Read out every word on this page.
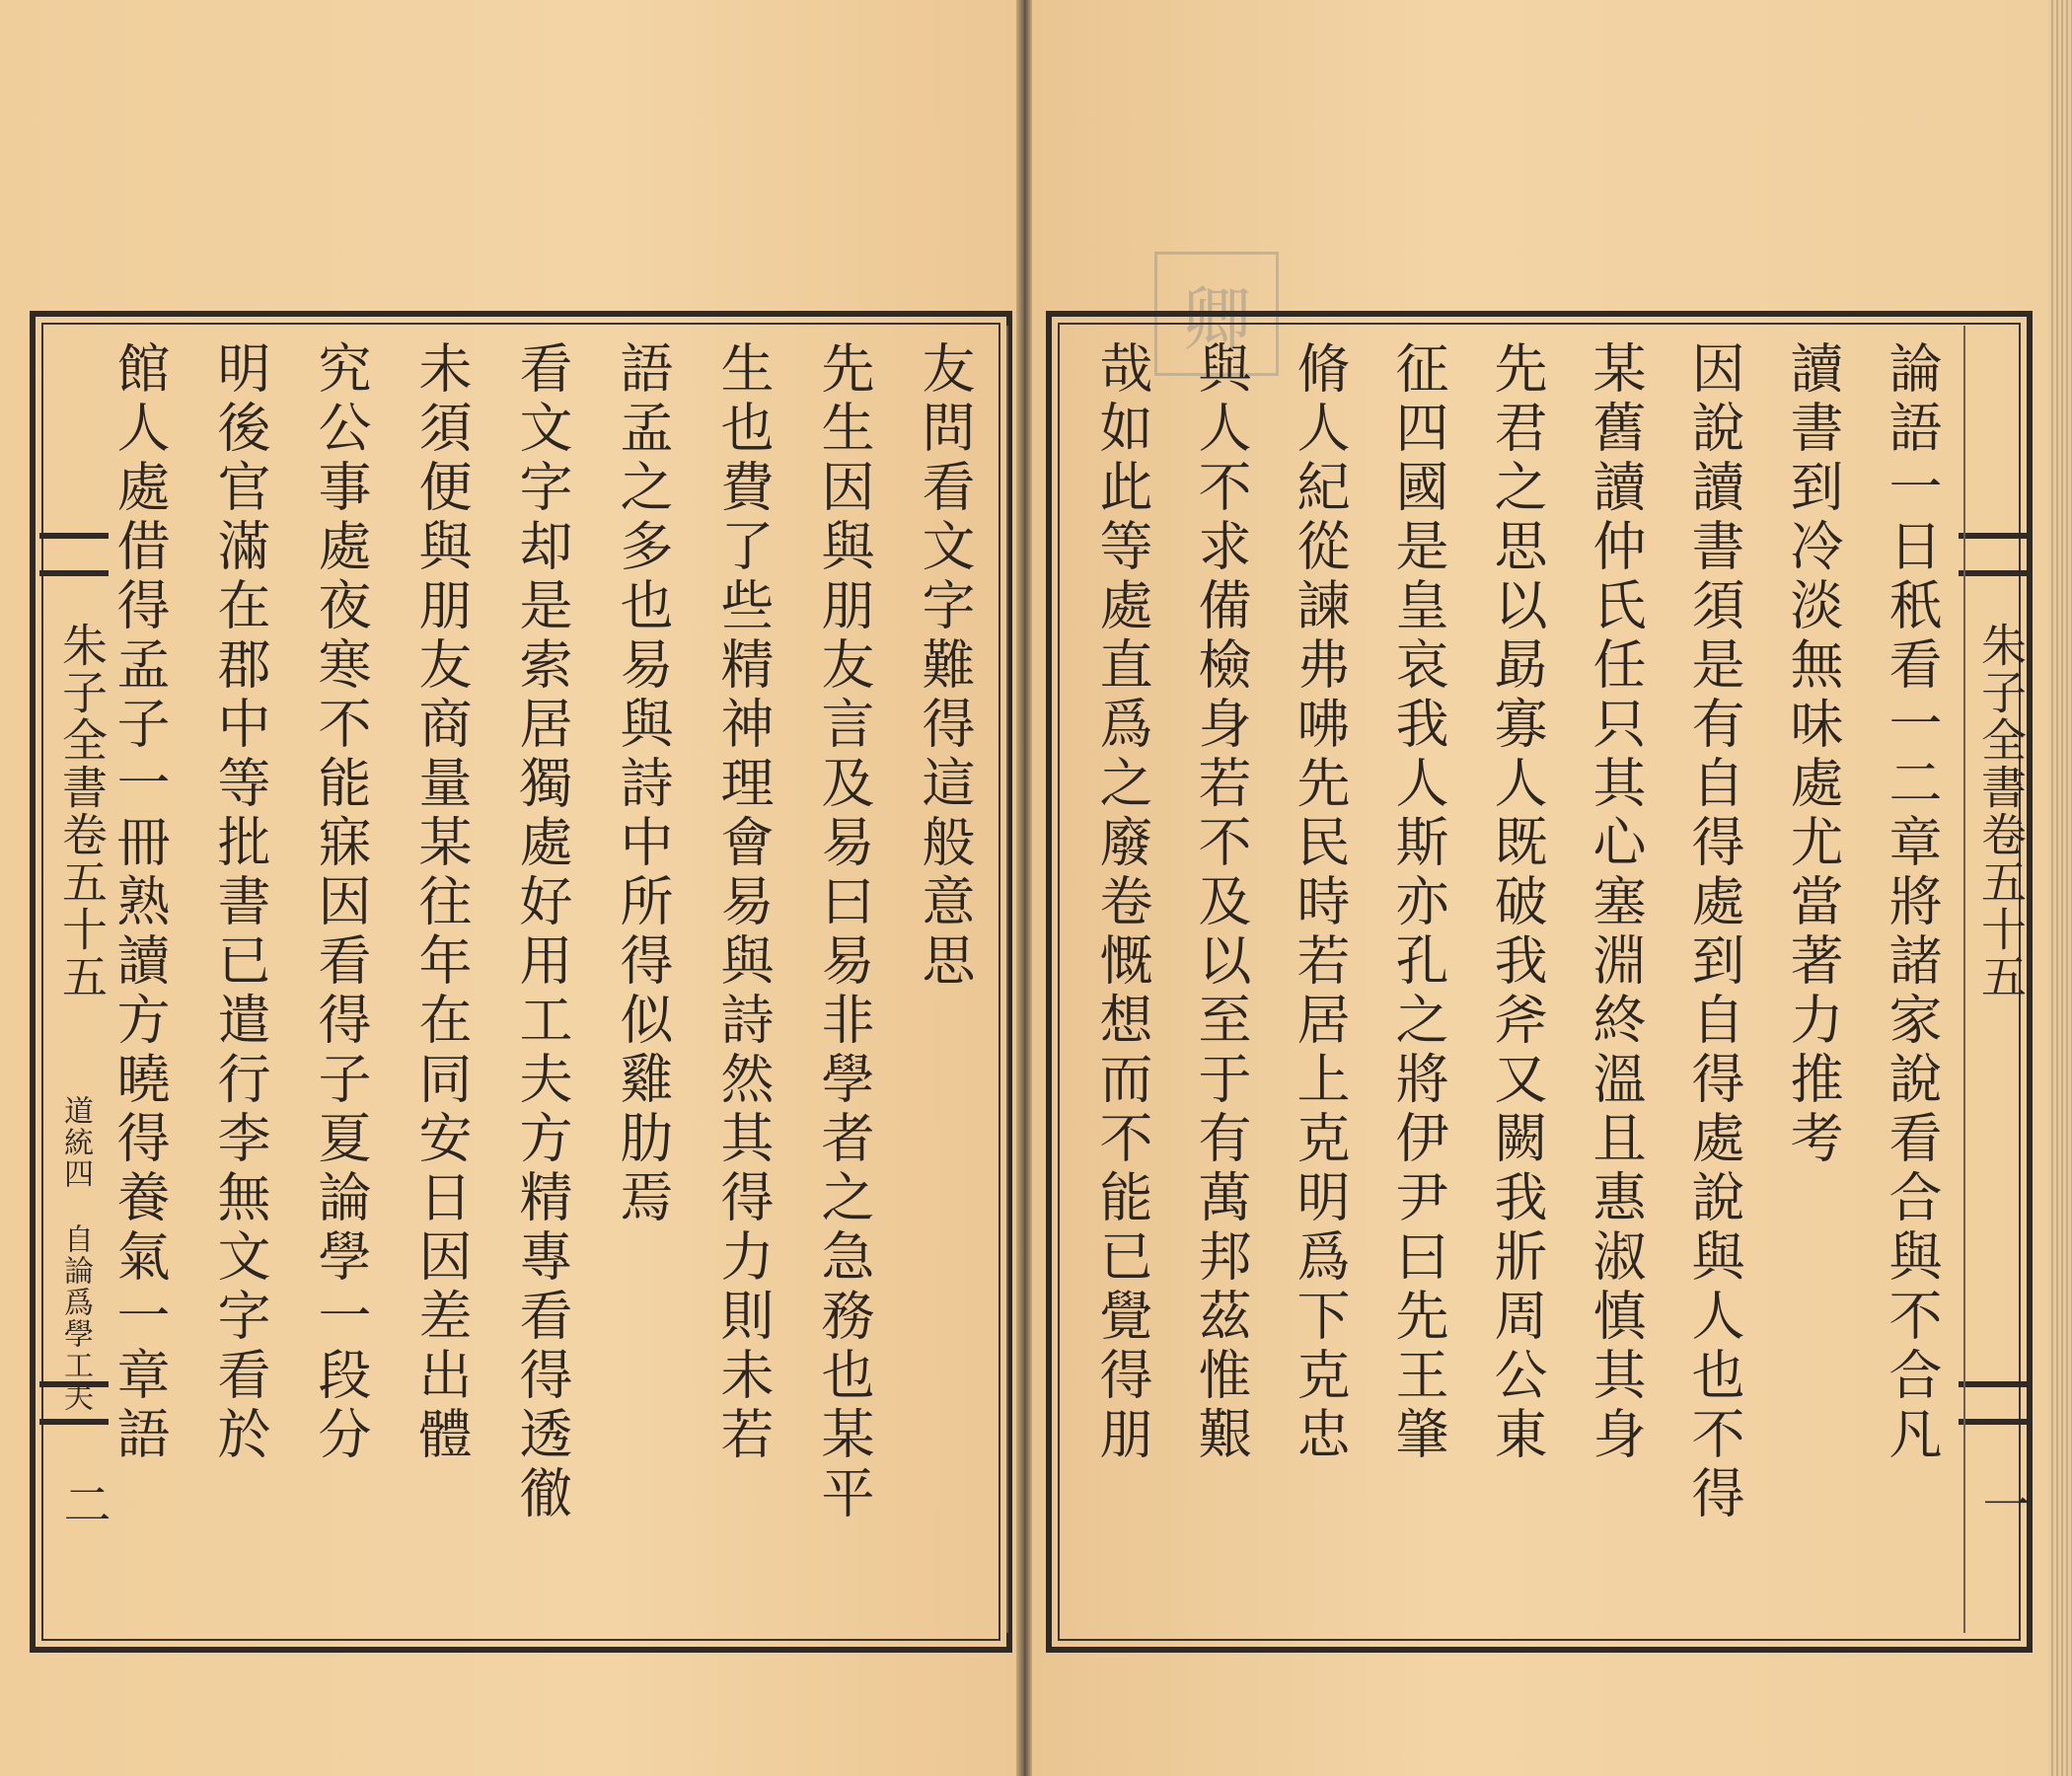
卿
朱子全書卷五十五
道統四
自論爲學工夫
二
朱子全書卷五十五
一
友問看文字難得這般意思
先生因與朋友言及易曰易非學者之急務也某平
生也費了些精神理會易與詩然其得力則未若
語孟之多也易與詩中所得似雞肋焉
看文字却是索居獨處好用工夫方精專看得透徹
未須便與朋友商量某往年在同安日因差出體
究公事處夜寒不能寐因看得子夏論學一段分
明後官滿在郡中等批書已遣行李無文字看於
館人處借得孟子一冊熟讀方曉得養氣一章語	論語一日秖看一二章將諸家說看合與不合凡
讀書到冷淡無味處尤當著力推考
因說讀書須是有自得處到自得處說與人也不得
某舊讀仲氏任只其心塞淵終溫且惠淑慎其身
先君之思以勗寡人既破我斧又闕我斨周公東
征四國是皇哀我人斯亦孔之將伊尹曰先王肇
脩人紀從諫弗咈先民時若居上克明爲下克忠
與人不求備檢身若不及以至于有萬邦茲惟艱
哉如此等處直爲之廢卷慨想而不能已覺得朋
